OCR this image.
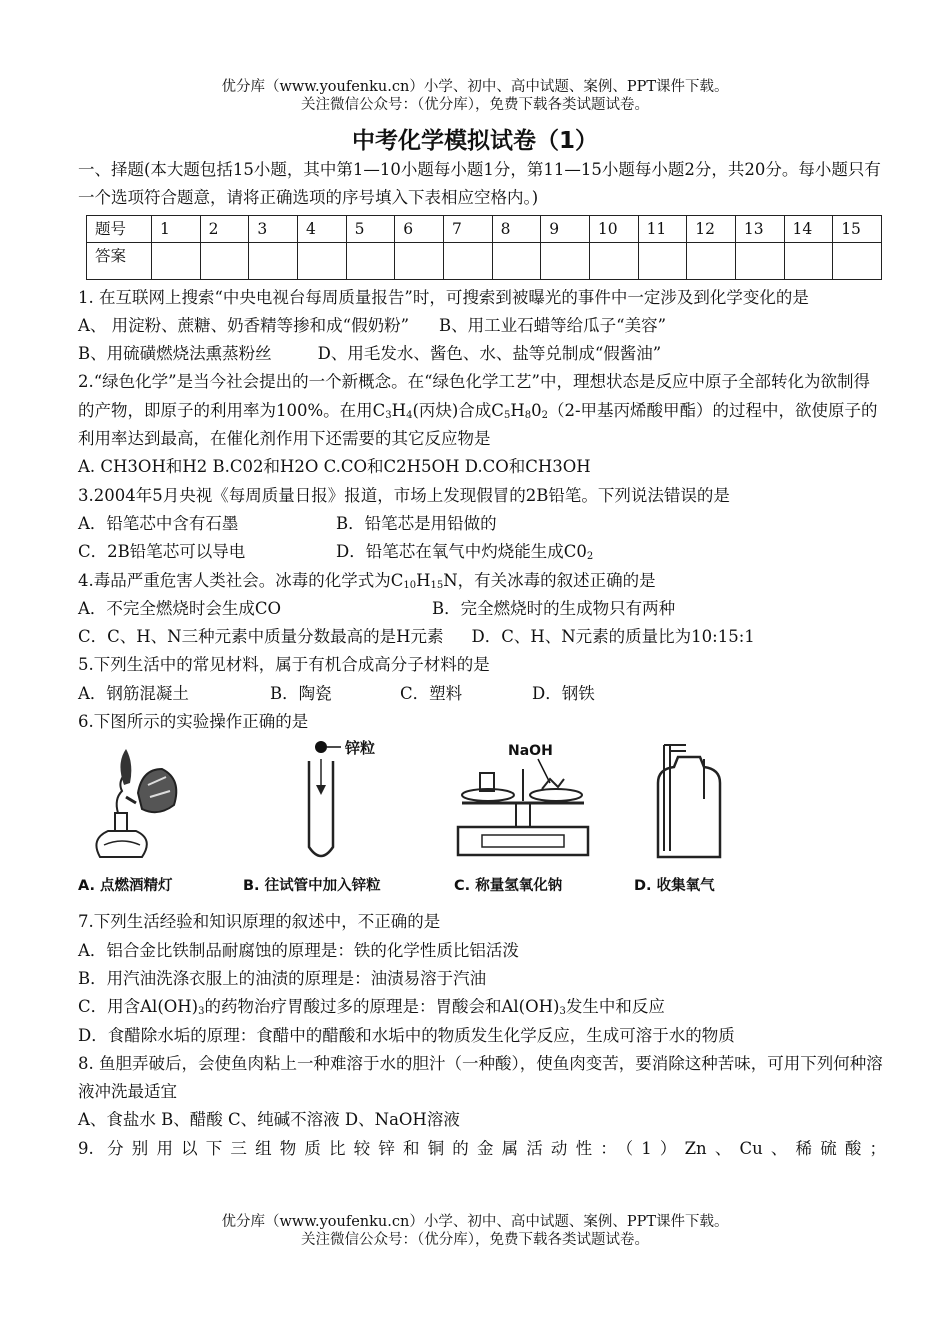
优分库（www.youfenku.cn）小学、初中、高中试题、案例、PPT课件下载。
关注微信公众号：（优分库），免费下载各类试题试卷。
中考化学模拟试卷（1）

一、择题(本大题包括15小题，其中第1—10小题每小题1分，第11—15小题每小题2分，共20分。每小题只有一个选项符合题意，请将正确选项的序号填入下表相应空格内。)

题号	1	2	3	4	5	6	7	8	9	10	11	12	13	14	15
答案															

1. 在互联网上搜索“中央电视台每周质量报告”时，可搜索到被曝光的事件中一定涉及到化学变化的是

A、 用淀粉、蔗糖、奶香精等掺和成“假奶粉” B、用工业石蜡等给瓜子“美容”

B、用硫磺燃烧法熏蒸粉丝	D、用毛发水、酱色、水、盐等兑制成“假酱油”

2.“绿色化学”是当今社会提出的一个新概念。在“绿色化学工艺”中，理想状态是反应中原子全部转化为欲制得的产物，即原子的利用率为100%。在用$C_3H_4$(丙炔)合成$C_5H_80_2(2-$甲基丙烯酸甲酯）的过程中，欲使原子的利用率达到最高，在催化剂作用下还需要的其它反应物是

A. CH3OH和H2 B.C02和H2O C.CO和C2H5OH D.CO和CH3OH

3.2004年5月央视《每周质量日报》报道，市场上发现假冒的2B铅笔。下列说法错误的是

A．铅笔芯中含有石墨	B．铅笔芯是用铅做的

C．2B铅笔芯可以导电	D．铅笔芯在氧气中灼烧能生成$C0_2$

4.毒品严重危害人类社会。冰毒的化学式为$C_{10}H_{15}N$，有关冰毒的叙述正确的是

A．不完全燃烧时会生成CO	B．完全燃烧时的生成物只有两种

C．C、H、N三种元素中质量分数最高的是H元素 D．C、H、N元素的质量比为10:15:1

5.下列生活中的常见材料，属于有机合成高分子材料的是

A．钢筋混凝土	B．陶瓷	C．塑料	D．钢铁

6.下图所示的实验操作正确的是

A. 点燃酒精灯
锌粒
B. 往试管中加入锌粒
NaOH
C. 称量氢氧化钠	D. 收集氧气

7.下列生活经验和知识原理的叙述中，不正确的是

A．铝合金比铁制品耐腐蚀的原理是：铁的化学性质比铝活泼

B．用汽油洗涤衣服上的油渍的原理是：油渍易溶于汽油

C．用含$Al(OH)_3$的药物治疗胃酸过多的原理是：胃酸会和$Al(OH)_3$发生中和反应

D．食醋除水垢的原理：食醋中的醋酸和水垢中的物质发生化学反应，生成可溶于水的物质

8. 鱼胆弄破后，会使鱼肉粘上一种难溶于水的胆汁（一种酸），使鱼肉变苦，要消除这种苦味，可用下列何种溶液冲洗最适宜

A、食盐水 B、醋酸 C、纯碱不溶液 D、NaOH溶液

9. 分别用以下三组物质比较锌和铜的金属活动性：（1）Zn、Cu、稀硫酸；

优分库（www.youfenku.cn）小学、初中、高中试题、案例、PPT课件下载。
关注微信公众号：（优分库），免费下载各类试题试卷。
